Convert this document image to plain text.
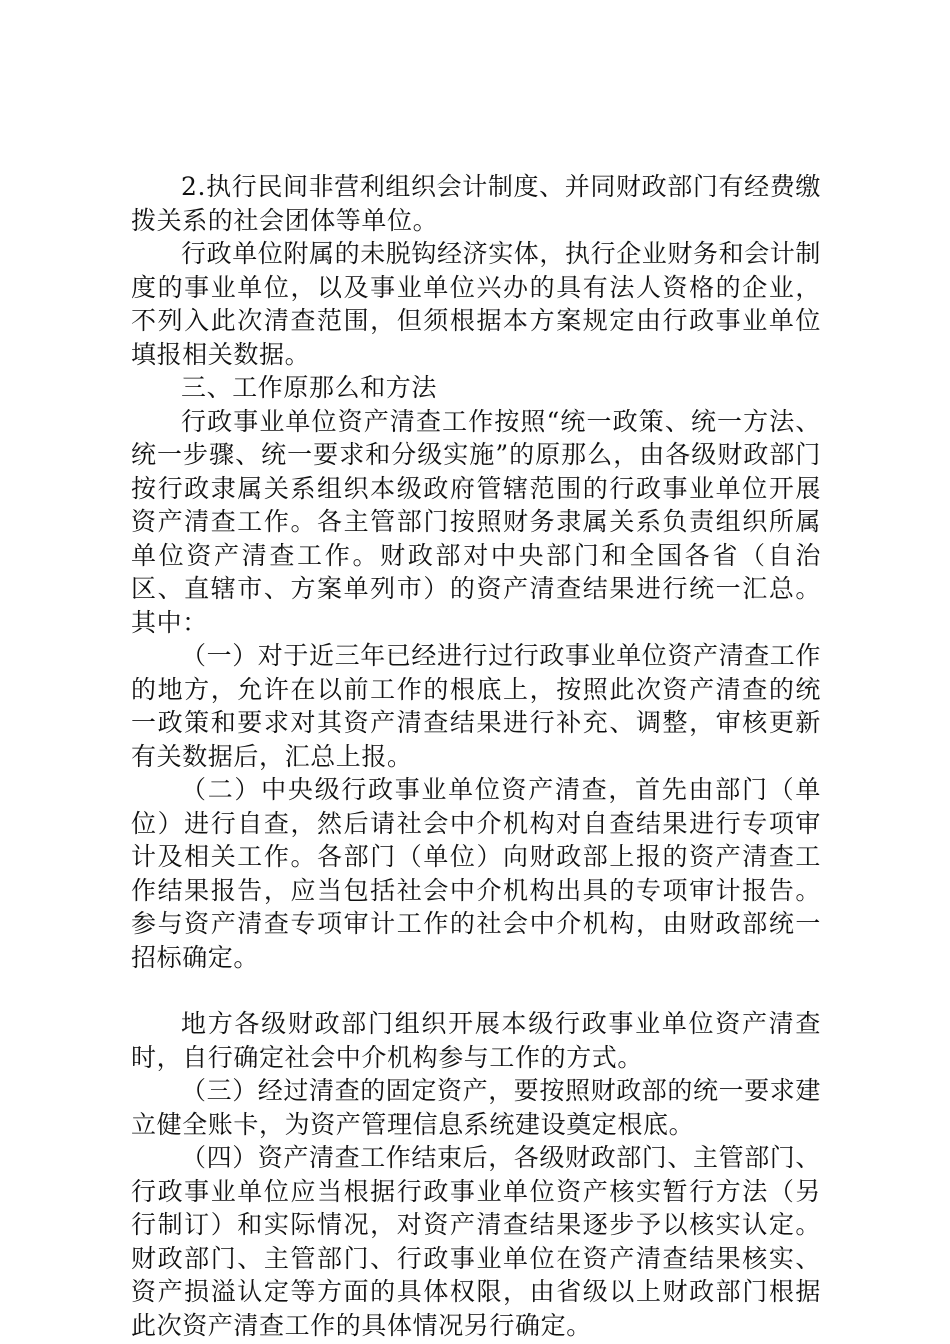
2.执行民间非营利组织会计制度、并同财政部门有经费缴拨关系的社会团体等单位。

行政单位附属的未脱钩经济实体，执行企业财务和会计制度的事业单位，以及事业单位兴办的具有法人资格的企业，不列入此次清查范围，但须根据本方案规定由行政事业单位填报相关数据。

三、工作原那么和方法

行政事业单位资产清查工作按照“统一政策、统一方法、统一步骤、统一要求和分级实施”的原那么，由各级财政部门按行政隶属关系组织本级政府管辖范围的行政事业单位开展资产清查工作。各主管部门按照财务隶属关系负责组织所属单位资产清查工作。财政部对中央部门和全国各省（自治区、直辖市、方案单列市）的资产清查结果进行统一汇总。其中：

（一）对于近三年已经进行过行政事业单位资产清查工作的地方，允许在以前工作的根底上，按照此次资产清查的统一政策和要求对其资产清查结果进行补充、调整，审核更新有关数据后，汇总上报。

（二）中央级行政事业单位资产清查，首先由部门（单位）进行自查，然后请社会中介机构对自查结果进行专项审计及相关工作。各部门（单位）向财政部上报的资产清查工作结果报告，应当包括社会中介机构出具的专项审计报告。参与资产清查专项审计工作的社会中介机构，由财政部统一招标确定。

地方各级财政部门组织开展本级行政事业单位资产清查时，自行确定社会中介机构参与工作的方式。

（三）经过清查的固定资产，要按照财政部的统一要求建立健全账卡，为资产管理信息系统建设奠定根底。

（四）资产清查工作结束后，各级财政部门、主管部门、行政事业单位应当根据行政事业单位资产核实暂行方法（另行制订）和实际情况，对资产清查结果逐步予以核实认定。财政部门、主管部门、行政事业单位在资产清查结果核实、资产损溢认定等方面的具体权限，由省级以上财政部门根据此次资产清查工作的具体情况另行确定。
